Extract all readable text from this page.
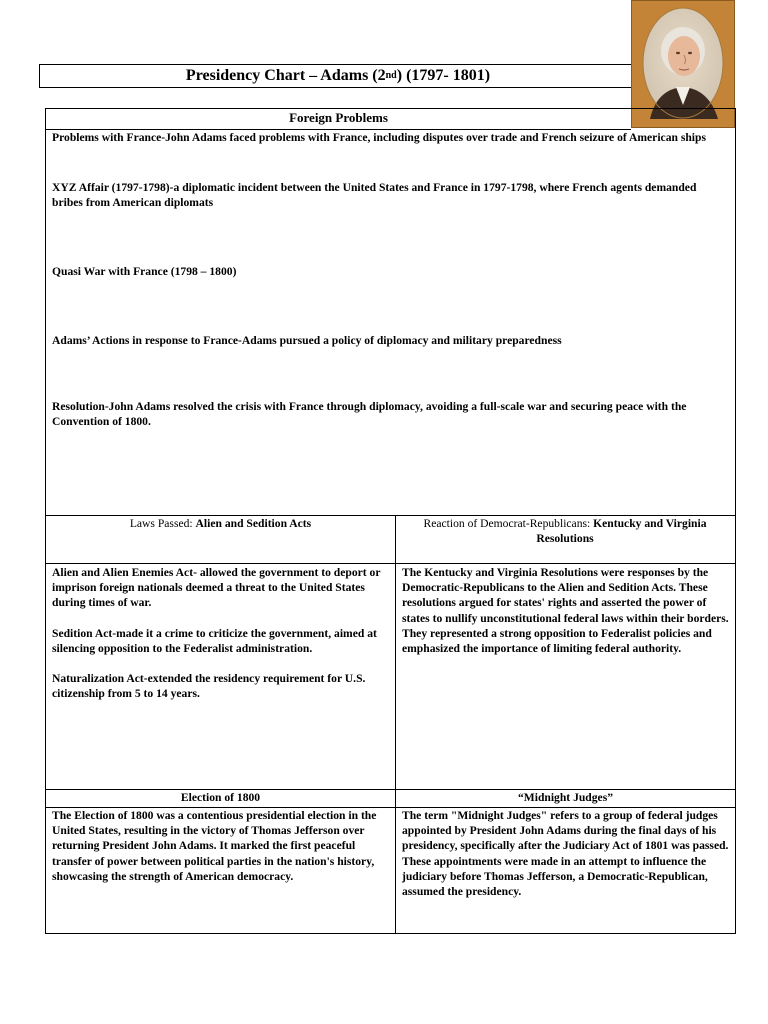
Presidency Chart – Adams (2 nd ) (1797- 1801)
Foreign Problems

Problems with France-John Adams faced problems with France, including disputes over trade and French seizure of American ships

XYZ Affair (1797-1798)-a diplomatic incident between the United States and France in 1797-1798, where French agents demanded bribes from American diplomats

Quasi War with France (1798 – 1800)

Adams’ Actions in response to France-Adams pursued a policy of diplomacy and military preparedness

Resolution-John Adams resolved the crisis with France through diplomacy, avoiding a full-scale war and securing peace with the Convention of 1800.

Laws Passed: Alien and Sedition Acts	Reaction of Democrat-Republicans: Kentucky and Virginia Resolutions

Alien and Alien Enemies Act- allowed the government to deport or imprison foreign nationals deemed a threat to the United States during times of war.

Sedition Act-made it a crime to criticize the government, aimed at silencing opposition to the Federalist administration.

Naturalization Act-extended the residency requirement for U.S. citizenship from 5 to 14 years.

The Kentucky and Virginia Resolutions were responses by the Democratic-Republicans to the Alien and Sedition Acts. These resolutions argued for states' rights and asserted the power of states to nullify unconstitutional federal laws within their borders. They represented a strong opposition to Federalist policies and emphasized the importance of limiting federal authority.

Election of 1800

The Election of 1800 was a contentious presidential election in the United States, resulting in the victory of Thomas Jefferson over returning President John Adams. It marked the first peaceful transfer of power between political parties in the nation's history, showcasing the strength of American democracy.

“Midnight Judges”

The term "Midnight Judges" refers to a group of federal judges appointed by President John Adams during the final days of his presidency, specifically after the Judiciary Act of 1801 was passed. These appointments were made in an attempt to influence the judiciary before Thomas Jefferson, a Democratic-Republican, assumed the presidency.
